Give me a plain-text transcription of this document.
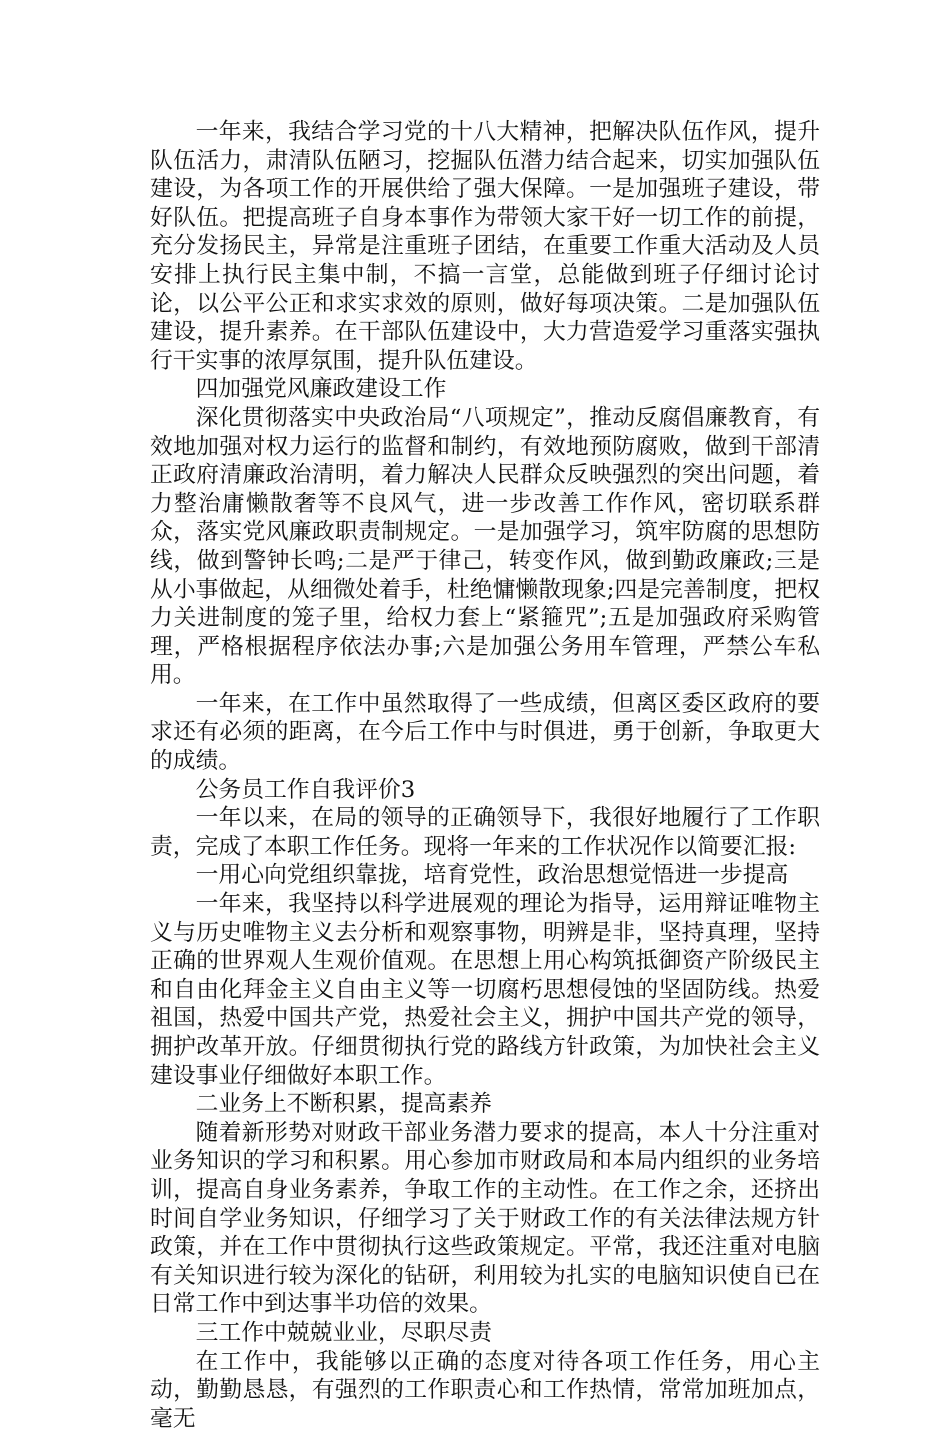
一年来，我结合学习党的十八大精神，把解决队伍作风，提升队伍活力，肃清队伍陋习，挖掘队伍潜力结合起来，切实加强队伍建设，为各项工作的开展供给了强大保障。一是加强班子建设，带好队伍。把提高班子自身本事作为带领大家干好一切工作的前提，充分发扬民主，异常是注重班子团结，在重要工作重大活动及人员安排上执行民主集中制，不搞一言堂，总能做到班子仔细讨论讨论，以公平公正和求实求效的原则，做好每项决策。二是加强队伍建设，提升素养。在干部队伍建设中，大力营造爱学习重落实强执行干实事的浓厚氛围，提升队伍建设。

四加强党风廉政建设工作

深化贯彻落实中央政治局“八项规定”，推动反腐倡廉教育，有效地加强对权力运行的监督和制约，有效地预防腐败，做到干部清正政府清廉政治清明，着力解决人民群众反映强烈的突出问题，着力整治庸懒散奢等不良风气，进一步改善工作作风，密切联系群众，落实党风廉政职责制规定。一是加强学习，筑牢防腐的思想防线，做到警钟长鸣;二是严于律己，转变作风，做到勤政廉政;三是从小事做起，从细微处着手，杜绝慵懒散现象;四是完善制度，把权力关进制度的笼子里，给权力套上“紧箍咒”;五是加强政府采购管理，严格根据程序依法办事;六是加强公务用车管理，严禁公车私用。

一年来，在工作中虽然取得了一些成绩，但离区委区政府的要求还有必须的距离，在今后工作中与时俱进，勇于创新，争取更大的成绩。

公务员工作自我评价3

一年以来，在局的领导的正确领导下，我很好地履行了工作职责，完成了本职工作任务。现将一年来的工作状况作以简要汇报:

一用心向党组织靠拢，培育党性，政治思想觉悟进一步提高

一年来，我坚持以科学进展观的理论为指导，运用辩证唯物主义与历史唯物主义去分析和观察事物，明辨是非，坚持真理，坚持正确的世界观人生观价值观。在思想上用心构筑抵御资产阶级民主和自由化拜金主义自由主义等一切腐朽思想侵蚀的坚固防线。热爱祖国，热爱中国共产党，热爱社会主义，拥护中国共产党的领导，拥护改革开放。仔细贯彻执行党的路线方针政策，为加快社会主义建设事业仔细做好本职工作。

二业务上不断积累，提高素养

随着新形势对财政干部业务潜力要求的提高，本人十分注重对业务知识的学习和积累。用心参加市财政局和本局内组织的业务培训，提高自身业务素养，争取工作的主动性。在工作之余，还挤出时间自学业务知识，仔细学习了关于财政工作的有关法律法规方针政策，并在工作中贯彻执行这些政策规定。平常，我还注重对电脑有关知识进行较为深化的钻研，利用较为扎实的电脑知识使自已在日常工作中到达事半功倍的效果。

三工作中兢兢业业，尽职尽责

在工作中，我能够以正确的态度对待各项工作任务，用心主动，勤勤恳恳，有强烈的工作职责心和工作热情，常常加班加点，毫无
